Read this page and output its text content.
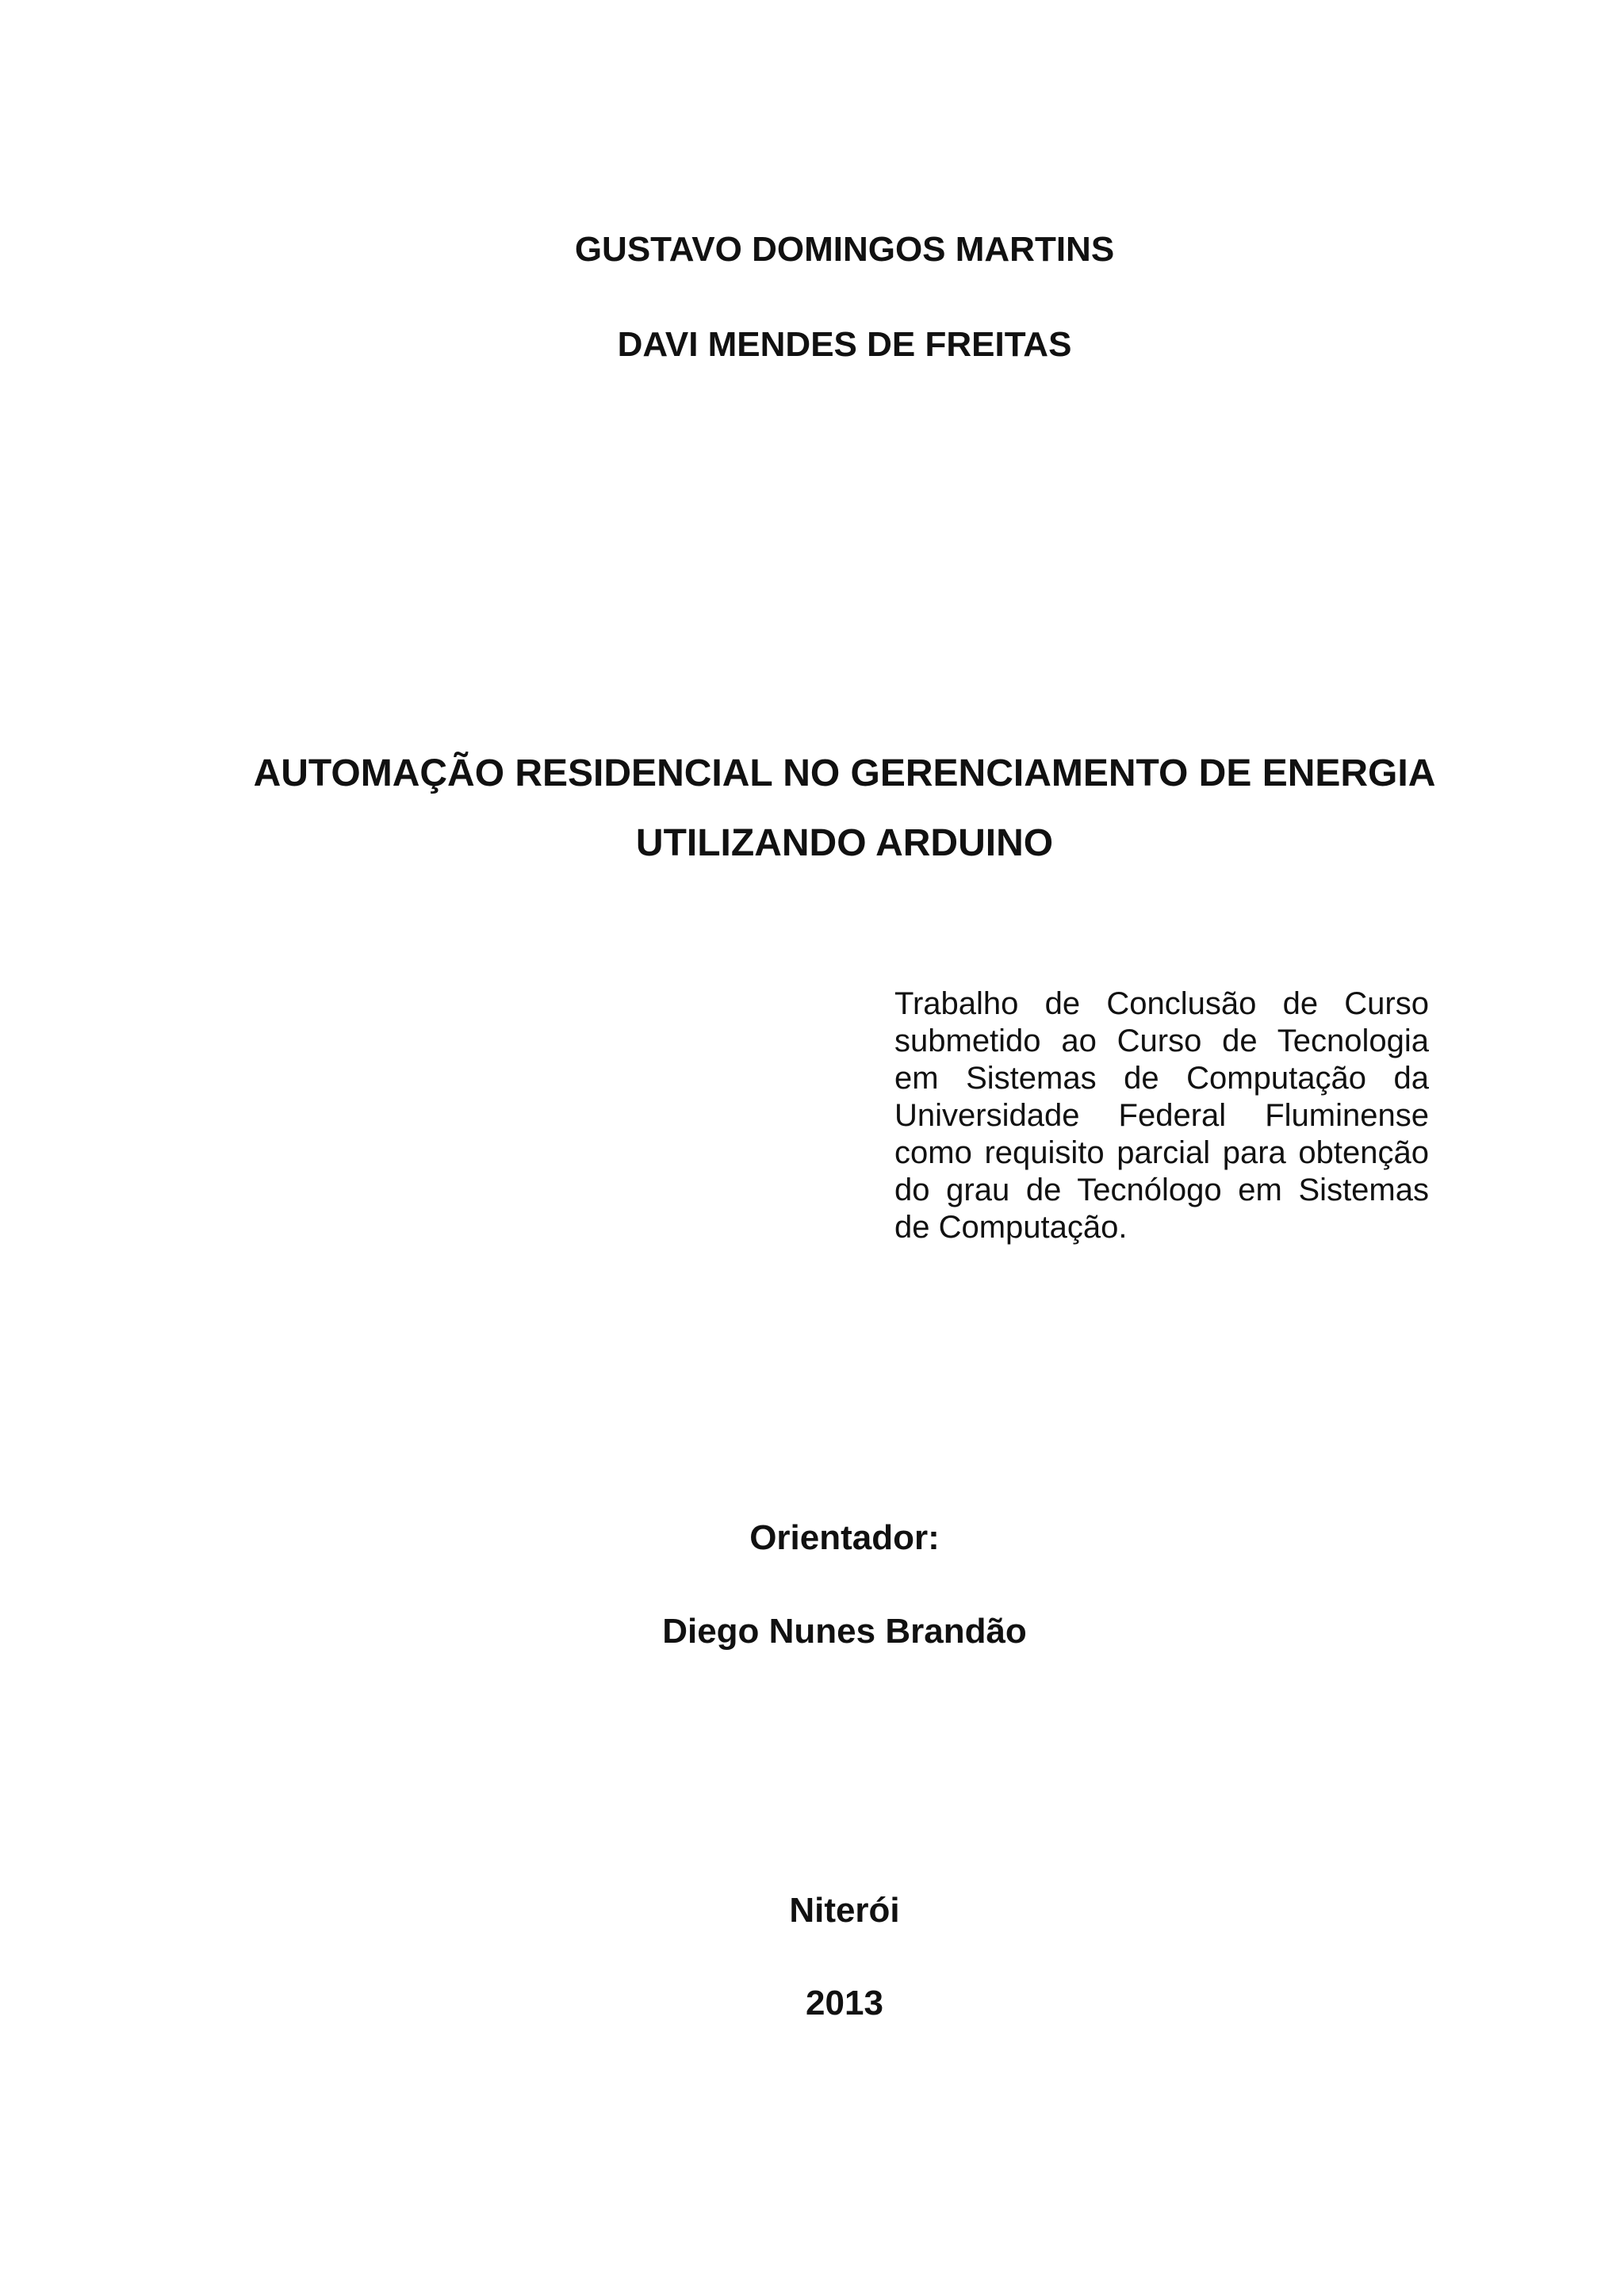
GUSTAVO DOMINGOS MARTINS
DAVI MENDES DE FREITAS
AUTOMAÇÃO RESIDENCIAL NO GERENCIAMENTO DE ENERGIA
UTILIZANDO ARDUINO
Trabalho de Conclusão de Curso submetido ao Curso de Tecnologia em Sistemas de Computação da Universidade Federal Fluminense como requisito parcial para obtenção do grau de Tecnólogo em Sistemas de Computação.
Orientador:
Diego Nunes Brandão
Niterói
2013
